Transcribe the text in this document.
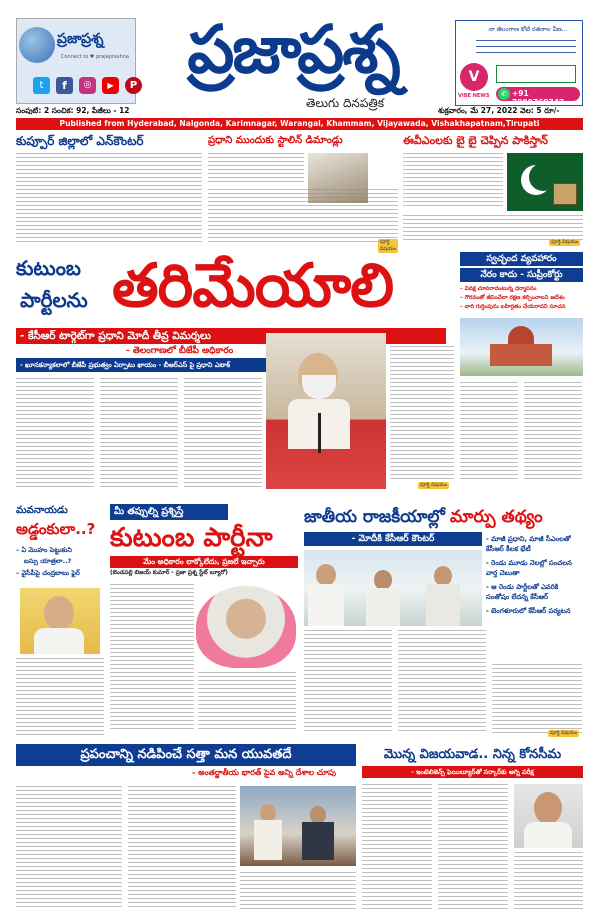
ప్రజాప్రశ్న
Connect to ♥ prajaprashna
t	f	◎	▶	P ప్రజాప్రశ్న
తెలుగు దినపత్రిక
నా తెలంగాణ కోటి రతనాల వీణ...
V
VIBE NEWS	✆ +91 7989768747
సంపుటి: 2 సంచిక: 92, పేజీలు - 12	శుక్రవారం, మే 27, 2022 వెల: 5 రూ/-
Published from Hyderabad, Nalgonda, Karimnagar, Warangal, Khammam, Vijayawada, Vishakhapatnam,Tirupati
కుప్పూర్ జిల్లాలో ఎన్‌కౌంటర్	ప్రధాని ముందుకు స్టాలిన్ డిమాండ్లు
పూర్తి విషయం
ఈవీఎంలకు బై బై చెప్పిన పాకిస్తాన్
పూర్తి విషయం
కుటుంబ
పార్టీలను తరిమేయాలి
- కేసీఆర్ టార్గెట్‌గా ప్రధాని మోదీ తీవ్ర విమర్శలు
- తెలంగాణలో బీజేపీ అధికారం
- ఖూనకన్యాకలాలో బీజేపీ ప్రభుత్వం ఏర్పాటు ఖాయం - బీఆర్ఎస్ పై ప్రధాని ఎటాక్
పూర్తి విషయం
స్వచ్ఛంద వ్యవహారం
నేరం కాదు - సుప్రీంకోర్టు
– వివక్ష చూపరాదంటున్న ధర్మాసనం
– గౌరవంతో జీవించేలా రక్షణ కల్పించాలని ఆదేశం
– వారి గుర్తింపును బహిర్గతం చేయరాదని సూచన
మవనాయడు
అడ్డంకులా..?
– ఏ మొహం పెట్టుకుని
బస్సు యాత్రలా..?
– వైసీపీపై చంద్రబాబు ఫైర్
మీ తప్పుల్ని ప్రశ్నిస్తే
కుటుంబ పార్టీనా
మేం అధికారం లాక్కోలేదు, ప్రజలే ఇచ్చారు
(బెండపల్లి బిజయ్ కుమార్ - ప్రజా ప్రశ్న స్టేట్ బ్యూరో)
జాతీయ రాజకీయాల్లో మార్పు తథ్యం
- మోదీకి కేసీఆర్ కౌంటర్	- మాజీ ప్రధాని, మాజీ సీఎంలతో కేసీఆర్ కీలక భేటీ
- రెండు మూడు నెలల్లో సంచలన వార్త చెబుతా
- ఆ రెండు పార్టీలతో ఎవరికి సంతోషం లేదన్న కేసీఆర్
- బెంగళూరులో కేసీఆర్ పర్యటన
పూర్తి విషయం
ప్రపంచాన్ని నడిపించే సత్తా మన యువతదే
- అంతర్జాతీయ భారత్ పైవ అన్ని దేశాల చూపు
మొన్న విజయవాడ.. నిన్న కోనసీమ
- ఇంటెలిజెన్స్ ఫెయిల్యూర్‌తో సర్కార్‌కు అగ్ని పరీక్ష
